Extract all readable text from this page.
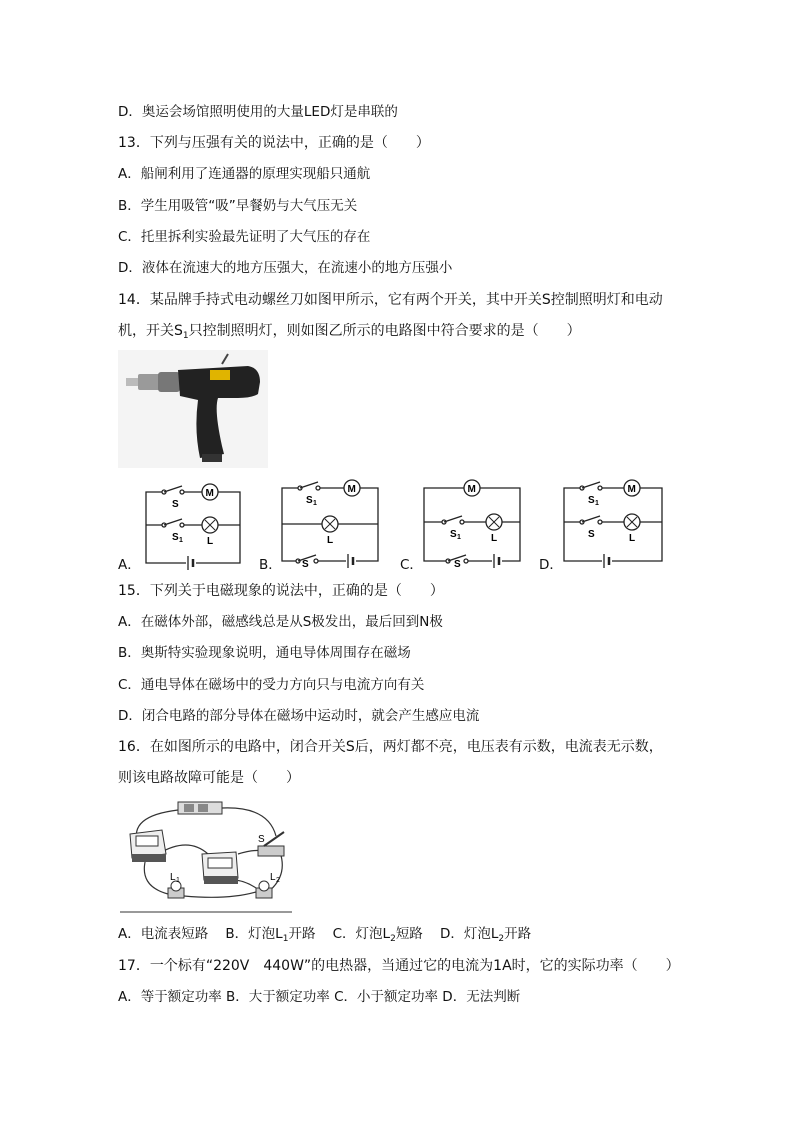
D．奥运会场馆照明使用的大量LED灯是串联的
13．下列与压强有关的说法中，正确的是（　　）
A．船闸利用了连通器的原理实现船只通航
B．学生用吸管“吸”早餐奶与大气压无关
C．托里拆利实验最先证明了大气压的存在
D．液体在流速大的地方压强大，在流速小的地方压强小
14．某品牌手持式电动螺丝刀如图甲所示，它有两个开关，其中开关S控制照明灯和电动
机，开关$S_1$只控制照明灯，则如图乙所示的电路图中符合要求的是（　　）
A．
S
S 1
M
L
B．
S 1
M
L
S	C．
M
S 1	L
S	D．
S 1
M
S	L
15．下列关于电磁现象的说法中，正确的是（　　）
A．在磁体外部，磁感线总是从S极发出，最后回到N极
B．奥斯特实验现象说明，通电导体周围存在磁场
C．通电导体在磁场中的受力方向只与电流方向有关
D．闭合电路的部分导体在磁场中运动时，就会产生感应电流
16．在如图所示的电路中，闭合开关S后，两灯都不亮，电压表有示数，电流表无示数，
则该电路故障可能是（　　）
S
L 1	L 2
A．电流表短路 B．灯泡$L_1$开路 C．灯泡$L_2$短路 D．灯泡$L_2$开路
17．一个标有“220V　440W”的电热器，当通过它的电流为1A时，它的实际功率（　　）
A．等于额定功率 B．大于额定功率 C．小于额定功率 D．无法判断
